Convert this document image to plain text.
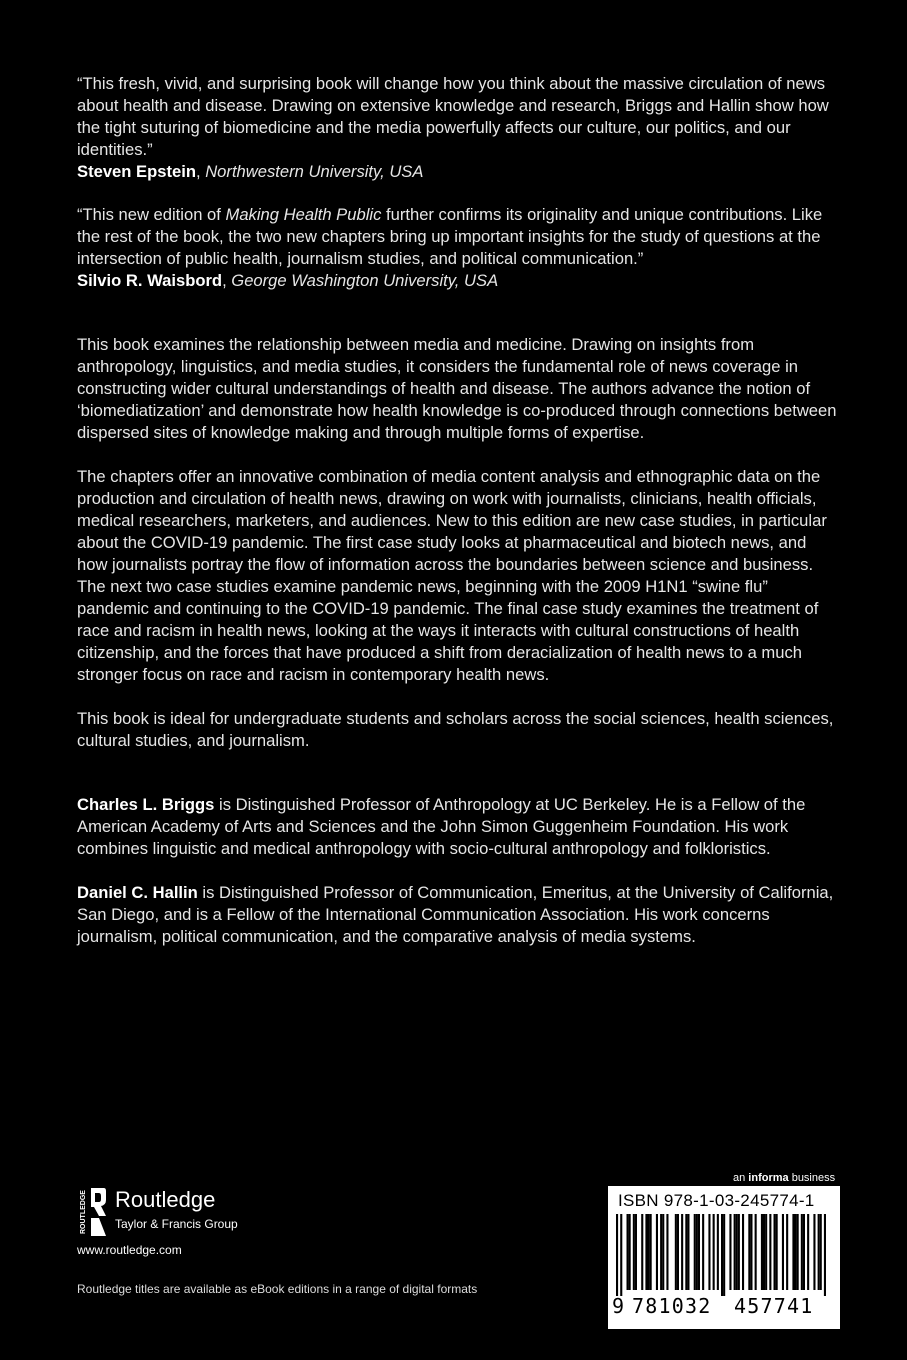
“This fresh, vivid, and surprising book will change how you think about the massive circulation of news about health and disease. Drawing on extensive knowledge and research, Briggs and Hallin show how the tight suturing of biomedicine and the media powerfully affects our culture, our politics, and our identities.”
Steven Epstein, Northwestern University, USA

“This new edition of Making Health Public further confirms its originality and unique contributions. Like the rest of the book, the two new chapters bring up important insights for the study of questions at the intersection of public health, journalism studies, and political communication.”
Silvio R. Waisbord, George Washington University, USA

This book examines the relationship between media and medicine. Drawing on insights from anthropology, linguistics, and media studies, it considers the fundamental role of news coverage in constructing wider cultural understandings of health and disease. The authors advance the notion of ‘biomediatization’ and demonstrate how health knowledge is co-produced through connections between dispersed sites of knowledge making and through multiple forms of expertise.

The chapters offer an innovative combination of media content analysis and ethnographic data on the production and circulation of health news, drawing on work with journalists, clinicians, health officials, medical researchers, marketers, and audiences. New to this edition are new case studies, in particular about the COVID-19 pandemic. The first case study looks at pharmaceutical and biotech news, and how journalists portray the flow of information across the boundaries between science and business. The next two case studies examine pandemic news, beginning with the 2009 H1N1 “swine flu” pandemic and continuing to the COVID-19 pandemic. The final case study examines the treatment of race and racism in health news, looking at the ways it interacts with cultural constructions of health citizenship, and the forces that have produced a shift from deracialization of health news to a much stronger focus on race and racism in contemporary health news.

This book is ideal for undergraduate students and scholars across the social sciences, health sciences, cultural studies, and journalism.

Charles L. Briggs is Distinguished Professor of Anthropology at UC Berkeley. He is a Fellow of the American Academy of Arts and Sciences and the John Simon Guggenheim Foundation. His work combines linguistic and medical anthropology with socio-cultural anthropology and folkloristics.

Daniel C. Hallin is Distinguished Professor of Communication, Emeritus, at the University of California, San Diego, and is a Fellow of the International Communication Association. His work concerns journalism, political communication, and the comparative analysis of media systems.

ROUTLEDGE Routledge
Taylor & Francis Group
www.routledge.com
Routledge titles are available as eBook editions in a range of digital formats
an informa business
ISBN 978-1-03-245774-1
9 781032 457741
